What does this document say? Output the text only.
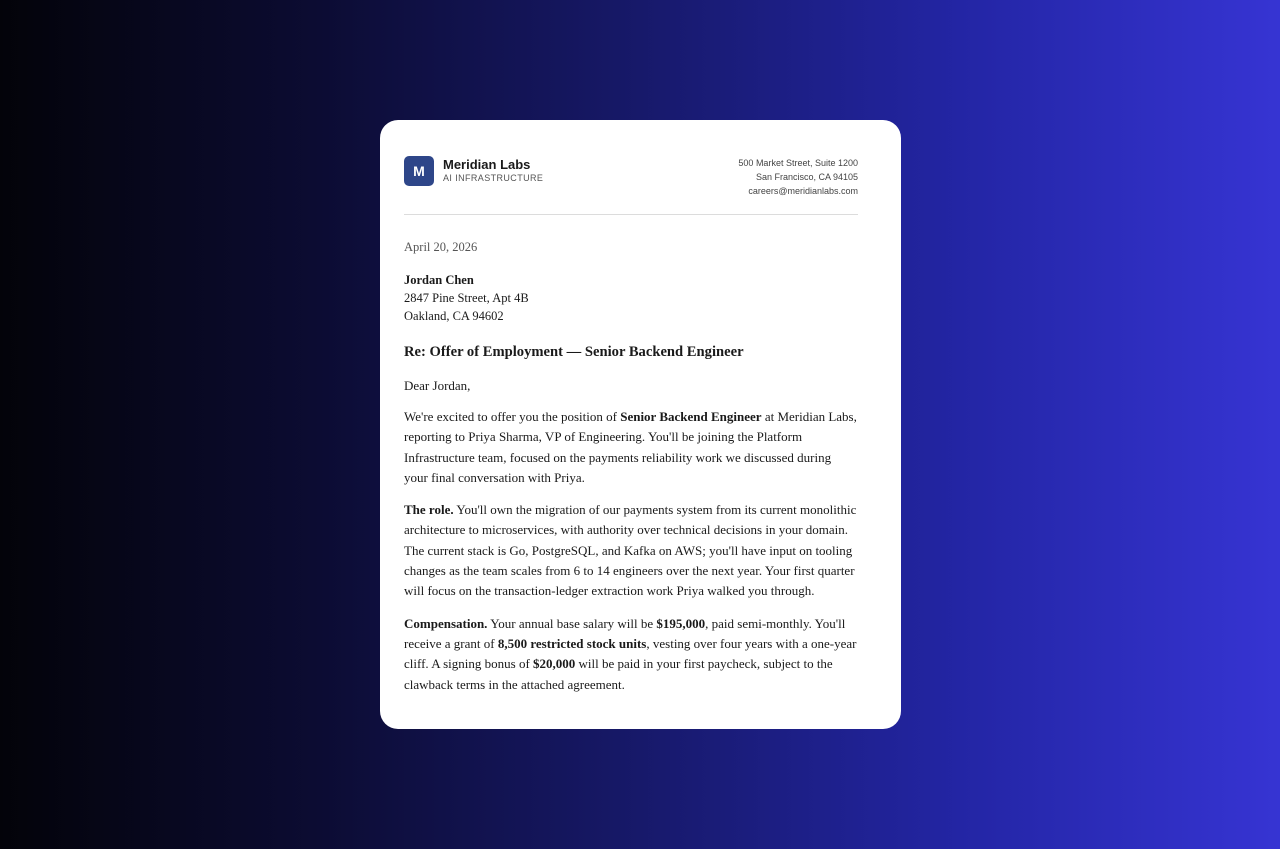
M	Meridian Labs
AI INFRASTRUCTURE
500 Market Street, Suite 1200
San Francisco, CA 94105
careers@meridianlabs.com
April 20, 2026
Jordan Chen
2847 Pine Street, Apt 4B
Oakland, CA 94602
Re: Offer of Employment — Senior Backend Engineer
Dear Jordan,

We're excited to offer you the position of Senior Backend Engineer at Meridian Labs, reporting to Priya Sharma, VP of Engineering. You'll be joining the Platform Infrastructure team, focused on the payments reliability work we discussed during your final conversation with Priya.

The role. You'll own the migration of our payments system from its current monolithic architecture to microservices, with authority over technical decisions in your domain. The current stack is Go, PostgreSQL, and Kafka on AWS; you'll have input on tooling changes as the team scales from 6 to 14 engineers over the next year. Your first quarter will focus on the transaction-ledger extraction work Priya walked you through.

Compensation. Your annual base salary will be $195,000, paid semi-monthly. You'll receive a grant of 8,500 restricted stock units, vesting over four years with a one-year cliff. A signing bonus of $20,000 will be paid in your first paycheck, subject to the clawback terms in the attached agreement.
